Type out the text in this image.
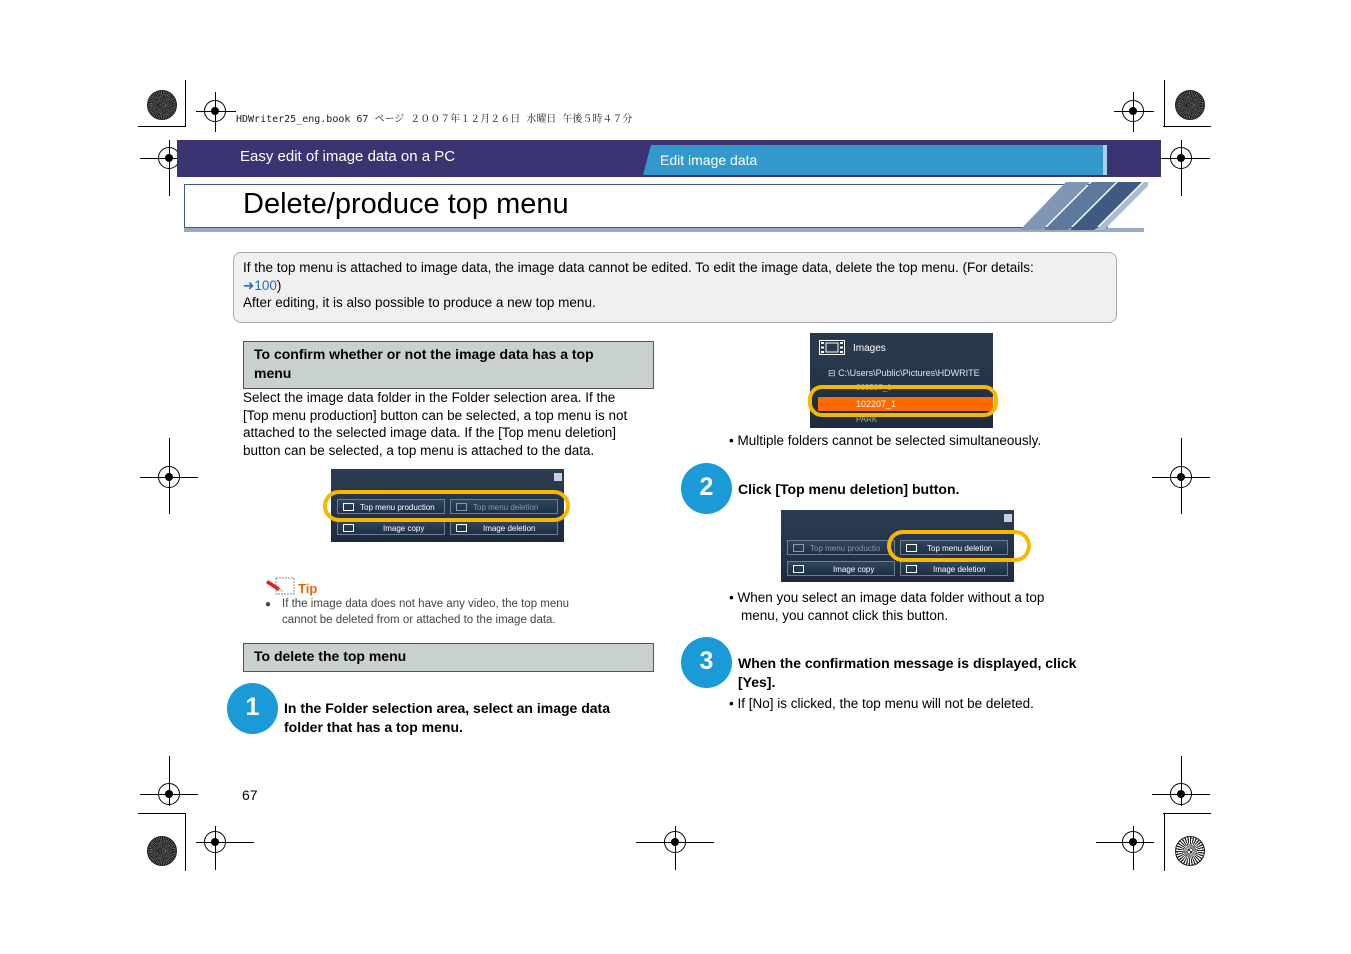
HDWriter25_eng.book 67 ページ ２００７年１２月２６日 水曜日 午後５時４７分
Easy edit of image data on a PC	Edit image data
Delete/produce top menu
If the top menu is attached to image data, the image data cannot be edited. To edit the image data, delete the top menu. (For details:
➜100)
After editing, it is also possible to produce a new top menu.
To confirm whether or not the image data has a top
menu
Select the image data folder in the Folder selection area. If the
[Top menu production] button can be selected, a top menu is not
attached to the selected image data. If the [Top menu deletion]
button can be selected, a top menu is attached to the data.
Top menu production	Top menu deletion
Image copy	Image deletion
Tip
● If the image data does not have any video, the top menu
cannot be deleted from or attached to the image data.
To delete the top menu
1	In the Folder selection area, select an image data
folder that has a top menu.
67
Images
⊟ C:\Users\Public\Pictures\HDWRITE
000307_1
102207_1
PARK
• Multiple folders cannot be selected simultaneously.
2	Click [Top menu deletion] button.
Top menu productio	Top menu deletion
Image copy	Image deletion
• When you select an image data folder without a top
menu, you cannot click this button.
3	When the confirmation message is displayed, click
[Yes].
• If [No] is clicked, the top menu will not be deleted.
